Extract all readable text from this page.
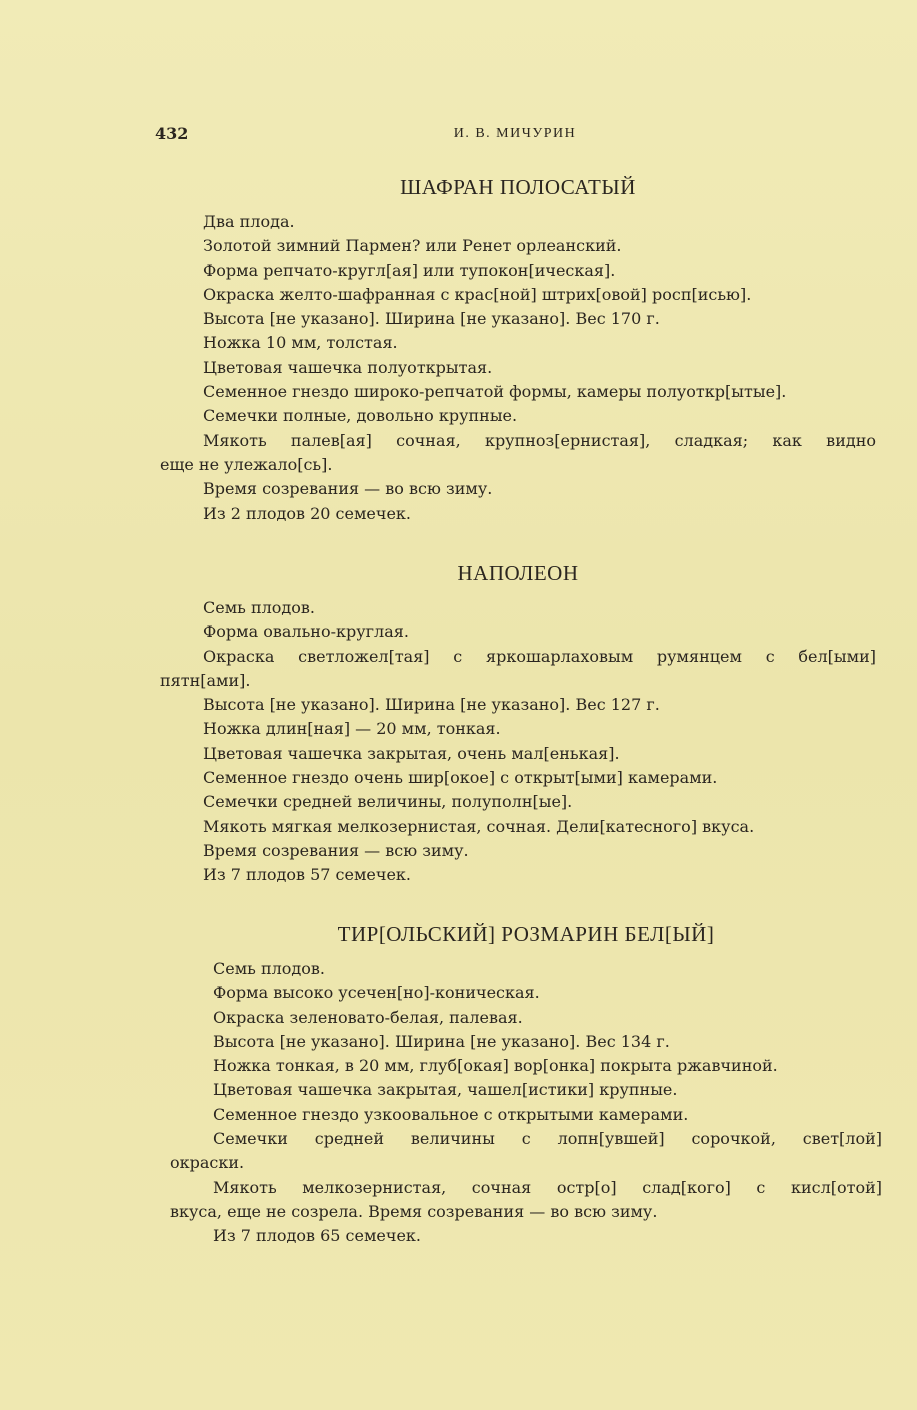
432	И. В. МИЧУРИН
ШАФРАН ПОЛОСАТЫЙ
Два плода.
Золотой зимний Пармен? или Ренет орлеанский.
Форма репчато-кругл[ая] или тупокон[ическая].
Окраска желто-шафранная с крас[ной] штрих[овой] росп[исью].
Высота [не указано]. Ширина [не указано]. Вес 170 г.
Ножка 10 мм, толстая.
Цветовая чашечка полуоткрытая.
Семенное гнездо широко-репчатой формы, камеры полуоткр[ытые].
Семечки полные, довольно крупные.
Мякоть палев[ая] сочная, крупноз[ернистая], сладкая; как видно
еще не улежало[сь].
Время созревания — во всю зиму.
Из 2 плодов 20 семечек.
НАПОЛЕОН
Семь плодов.
Форма овально-круглая.
Окраска светложел[тая] с яркошарлаховым румянцем с бел[ыми]
пятн[ами].
Высота [не указано]. Ширина [не указано]. Вес 127 г.
Ножка длин[ная] — 20 мм, тонкая.
Цветовая чашечка закрытая, очень мал[енькая].
Семенное гнездо очень шир[окое] с открыт[ыми] камерами.
Семечки средней величины, полуполн[ые].
Мякоть мягкая мелкозернистая, сочная. Дели[катесного] вкуса.
Время созревания — всю зиму.
Из 7 плодов 57 семечек.
ТИР[ОЛЬСКИЙ] РОЗМАРИН БЕЛ[ЫЙ]
Семь плодов.
Форма высоко усечен[но]-коническая.
Окраска зеленовато-белая, палевая.
Высота [не указано]. Ширина [не указано]. Вес 134 г.
Ножка тонкая, в 20 мм, глуб[окая] вор[онка] покрыта ржавчиной.
Цветовая чашечка закрытая, чашел[истики] крупные.
Семенное гнездо узкоовальное с открытыми камерами.
Семечки средней величины с лопн[увшей] сорочкой, свет[лой]
окраски.
Мякоть мелкозернистая, сочная остр[о] слад[кого] с кисл[отой]
вкуса, еще не созрела. Время созревания — во всю зиму.
Из 7 плодов 65 семечек.
